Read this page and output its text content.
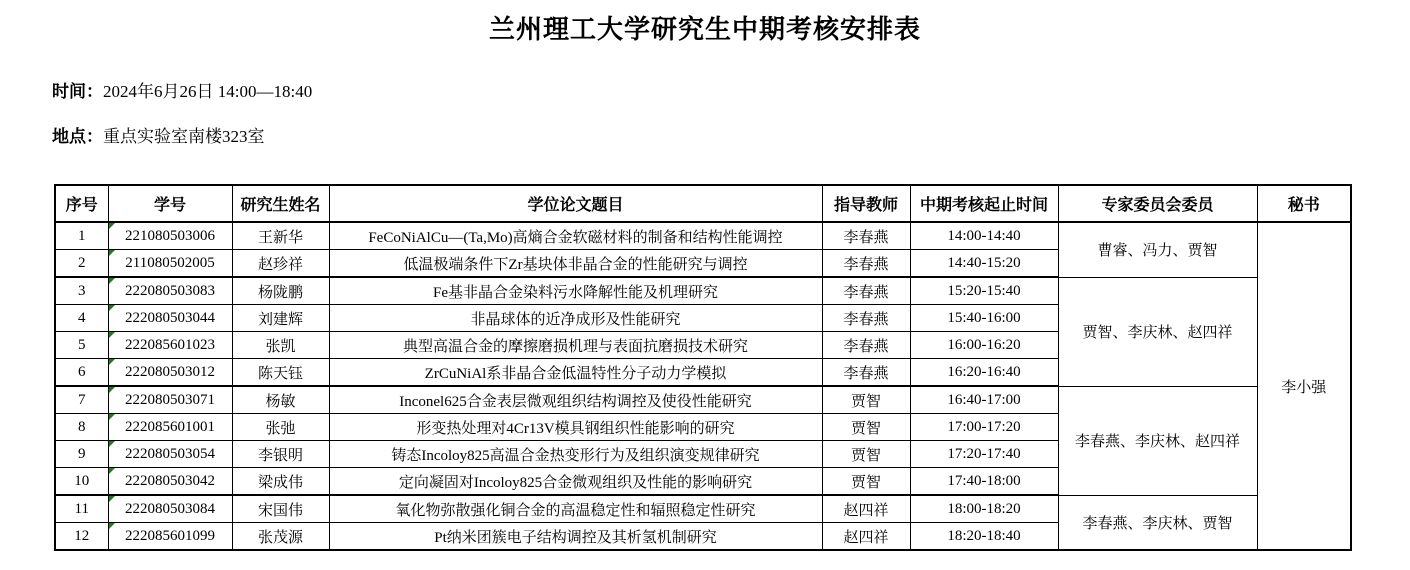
兰州理工大学研究生中期考核安排表
时间：2024年6月26日 14:00—18:40
地点：重点实验室南楼323室
序号	学号	研究生姓名	学位论文题目	指导教师	中期考核起止时间	专家委员会委员	秘书
1	221080503006	王新华	FeCoNiAlCu—(Ta,Mo)高熵合金软磁材料的制备和结构性能调控	李春燕	14:00-14:40	曹睿、冯力、贾智	李小强
2	211080502005	赵珍祥	低温极端条件下Zr基块体非晶合金的性能研究与调控	李春燕	14:40-15:20		
3	222080503083	杨陇鹏	Fe基非晶合金染料污水降解性能及机理研究	李春燕	15:20-15:40	贾智、李庆林、赵四祥	
4	222080503044	刘建辉	非晶球体的近净成形及性能研究	李春燕	15:40-16:00		
5	222085601023	张凯	典型高温合金的摩擦磨损机理与表面抗磨损技术研究	李春燕	16:00-16:20		
6	222080503012	陈天钰	ZrCuNiAl系非晶合金低温特性分子动力学模拟	李春燕	16:20-16:40		
7	222080503071	杨敏	Inconel625合金表层微观组织结构调控及使役性能研究	贾智	16:40-17:00	李春燕、李庆林、赵四祥	
8	222085601001	张弛	形变热处理对4Cr13V模具钢组织性能影响的研究	贾智	17:00-17:20		
9	222080503054	李银明	铸态Incoloy825高温合金热变形行为及组织演变规律研究	贾智	17:20-17:40		
10	222080503042	梁成伟	定向凝固对Incoloy825合金微观组织及性能的影响研究	贾智	17:40-18:00		
11	222080503084	宋国伟	氧化物弥散强化铜合金的高温稳定性和辐照稳定性研究	赵四祥	18:00-18:20	李春燕、李庆林、贾智	
12	222085601099	张茂源	Pt纳米团簇电子结构调控及其析氢机制研究	赵四祥	18:20-18:40		
